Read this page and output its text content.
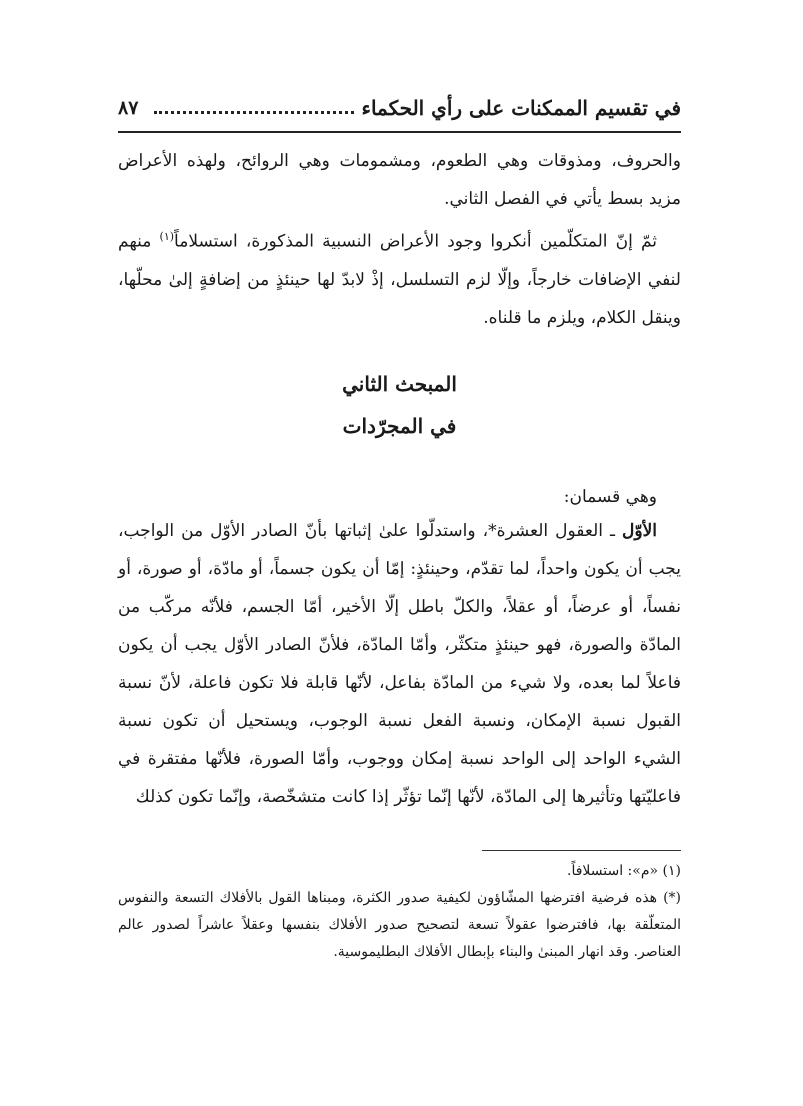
٨٧	في تقسيم الممكنات على رأي الحكماء

والحروف، ومذوقات وهي الطعوم، ومشمومات وهي الروائح، ولهذه الأعراض مزيد بسط يأتي في الفصل الثاني.

ثمّ إنّ المتكلّمين أنكروا وجود الأعراض النسبية المذكورة، استسلاماً$^{(١)}$ منهم لنفي الإضافات خارجاً، وإلّا لزم التسلسل، إذْ لابدّ لها حينئذٍ من إضافةٍ إلىٰ محلّها، وينقل الكلام، ويلزم ما قلناه.

المبحث الثاني
في المجرّدات

وهي قسمان:

الأوّل ـ العقول العشرة*، واستدلّوا علىٰ إثباتها بأنّ الصادر الأوّل من الواجب، يجب أن يكون واحداً، لما تقدّم، وحينئذٍ: إمّا أن يكون جسماً، أو مادّة، أو صورة، أو نفساً، أو عرضاً، أو عقلاً، والكلّ باطل إلّا الأخير، أمّا الجسم، فلأنّه مركّب من المادّة والصورة، فهو حينئذٍ متكثّر، وأمّا المادّة، فلأنّ الصادر الأوّل يجب أن يكون فاعلاً لما بعده، ولا شيء من المادّة بفاعل، لأنّها قابلة فلا تكون فاعلة، لأنّ نسبة القبول نسبة الإمكان، ونسبة الفعل نسبة الوجوب، ويستحيل أن تكون نسبة الشيء الواحد إلى الواحد نسبة إمكان ووجوب، وأمّا الصورة، فلأنّها مفتقرة في فاعليّتها وتأثيرها إلى المادّة، لأنّها إنّما تؤثّر إذا كانت متشخّصة، وإنّما تكون كذلك

(١) «م»: استسلافاً.

(*) هذه فرضية افترضها المشّاؤون لكيفية صدور الكثرة، ومبناها القول بالأفلاك التسعة والنفوس المتعلّقة بها، فافترضوا عقولاً تسعة لتصحيح صدور الأفلاك بنفسها وعقلاً عاشراً لصدور عالم العناصر. وقد انهار المبنىٰ والبناء بإبطال الأفلاك البطليموسية.
